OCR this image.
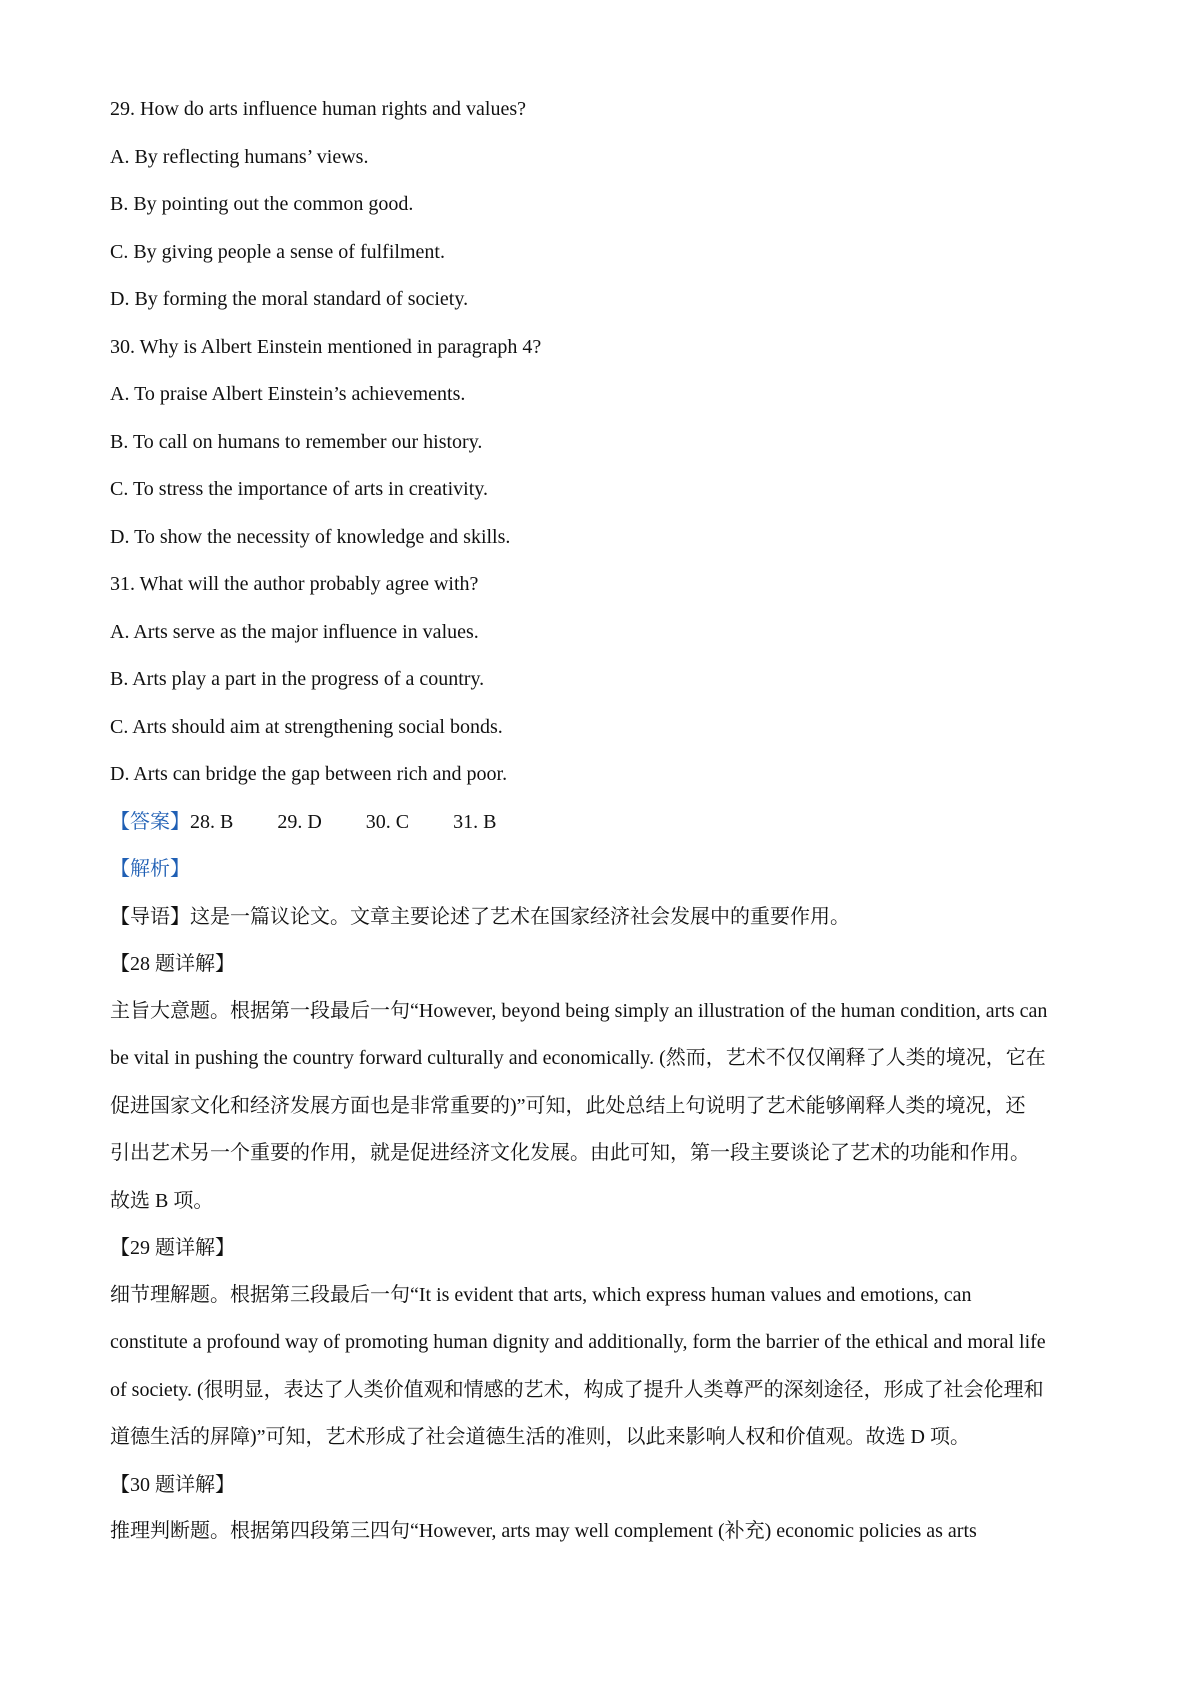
29. How do arts influence human rights and values?
A. By reflecting humans’ views.
B. By pointing out the common good.
C. By giving people a sense of fulfilment.
D. By forming the moral standard of society.
30. Why is Albert Einstein mentioned in paragraph 4?
A. To praise Albert Einstein’s achievements.
B. To call on humans to remember our history.
C. To stress the importance of arts in creativity.
D. To show the necessity of knowledge and skills.
31. What will the author probably agree with?
A. Arts serve as the major influence in values.
B. Arts play a part in the progress of a country.
C. Arts should aim at strengthening social bonds.
D. Arts can bridge the gap between rich and poor.
【答案】28. B 29. D 30. C 31. B
【解析】
【导语】这是一篇议论文。文章主要论述了艺术在国家经济社会发展中的重要作用。
【28 题详解】
主旨大意题。根据第一段最后一句“However, beyond being simply an illustration of the human condition, arts can
be vital in pushing the country forward culturally and economically. (然而，艺术不仅仅阐释了人类的境况，它在
促进国家文化和经济发展方面也是非常重要的)”可知，此处总结上句说明了艺术能够阐释人类的境况，还
引出艺术另一个重要的作用，就是促进经济文化发展。由此可知，第一段主要谈论了艺术的功能和作用。
故选 B 项。
【29 题详解】
细节理解题。根据第三段最后一句“It is evident that arts, which express human values and emotions, can
constitute a profound way of promoting human dignity and additionally, form the barrier of the ethical and moral life
of society. (很明显，表达了人类价值观和情感的艺术，构成了提升人类尊严的深刻途径，形成了社会伦理和
道德生活的屏障)”可知，艺术形成了社会道德生活的准则，以此来影响人权和价值观。故选 D 项。
【30 题详解】
推理判断题。根据第四段第三四句“However, arts may well complement (补充) economic policies as arts
